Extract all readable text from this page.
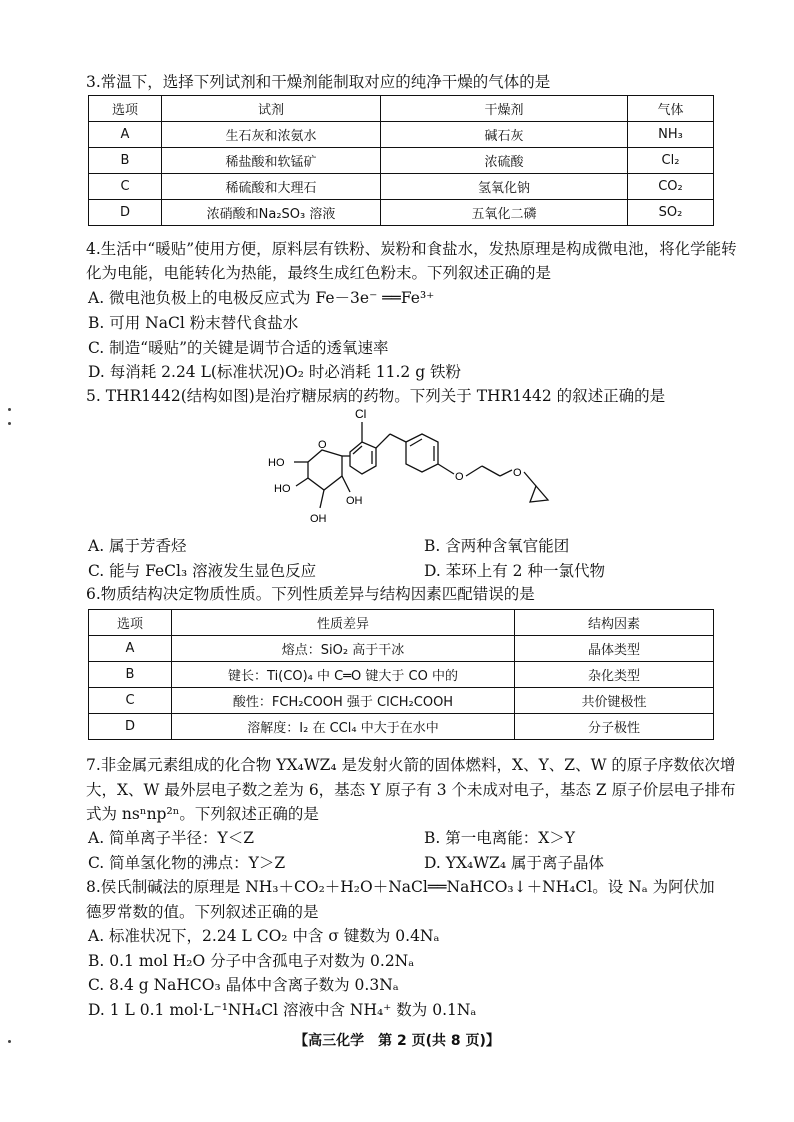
3.常温下，选择下列试剂和干燥剂能制取对应的纯净干燥的气体的是
选项	试剂	干燥剂	气体
A	生石灰和浓氨水	碱石灰	NH₃
B	稀盐酸和软锰矿	浓硫酸	Cl₂
C	稀硫酸和大理石	氢氧化钠	CO₂
D	浓硝酸和Na₂SO₃ 溶液	五氧化二磷	SO₂
4.生活中“暖贴”使用方便，原料层有铁粉、炭粉和食盐水，发热原理是构成微电池，将化学能转
化为电能，电能转化为热能，最终生成红色粉末。下列叙述正确的是
A. 微电池负极上的电极反应式为 Fe－3e⁻ ══Fe³⁺
B. 可用 NaCl 粉末替代食盐水
C. 制造“暖贴”的关键是调节合适的透氧速率
D. 每消耗 2.24 L(标准状况)O₂ 时必消耗 11.2 g 铁粉
5. THR1442(结构如图)是治疗糖尿病的药物。下列关于 THR1442 的叙述正确的是
Cl
HO
HO
OH
OH
O
O	O
A. 属于芳香烃	B. 含两种含氧官能团
C. 能与 FeCl₃ 溶液发生显色反应	D. 苯环上有 2 种一氯代物
6.物质结构决定物质性质。下列性质差异与结构因素匹配错误的是
选项	性质差异	结构因素
A	熔点：SiO₂ 高于干冰	晶体类型
B	键长：Ti(CO)₄ 中 C═O 键大于 CO 中的	杂化类型
C	酸性：FCH₂COOH 强于 ClCH₂COOH	共价键极性
D	溶解度：I₂ 在 CCl₄ 中大于在水中	分子极性
7.非金属元素组成的化合物 YX₄WZ₄ 是发射火箭的固体燃料，X、Y、Z、W 的原子序数依次增
大，X、W 最外层电子数之差为 6，基态 Y 原子有 3 个未成对电子，基态 Z 原子价层电子排布
式为 nsⁿnp²ⁿ。下列叙述正确的是
A. 简单离子半径：Y＜Z	B. 第一电离能：X＞Y
C. 简单氢化物的沸点：Y＞Z	D. YX₄WZ₄ 属于离子晶体
8.侯氏制碱法的原理是 NH₃＋CO₂＋H₂O＋NaCl══NaHCO₃↓＋NH₄Cl。设 Nₐ 为阿伏加
德罗常数的值。下列叙述正确的是
A. 标准状况下，2.24 L CO₂ 中含 σ 键数为 0.4Nₐ
B. 0.1 mol H₂O 分子中含孤电子对数为 0.2Nₐ
C. 8.4 g NaHCO₃ 晶体中含离子数为 0.3Nₐ
D. 1 L 0.1 mol·L⁻¹NH₄Cl 溶液中含 NH₄⁺ 数为 0.1Nₐ
【高三化学　第 2 页(共 8 页)】
